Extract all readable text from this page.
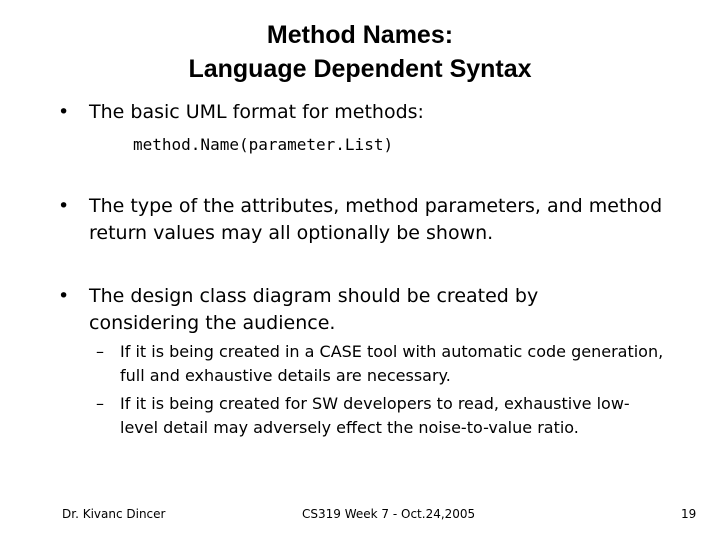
Method Names:
Language Dependent Syntax
• The basic UML format for methods:
method.Name(parameter.List)
• The type of the attributes, method parameters, and method return values may all optionally be shown.
• The design class diagram should be created by considering the audience.
– If it is being created in a CASE tool with automatic code generation, full and exhaustive details are necessary.
– If it is being created for SW developers to read, exhaustive low-level detail may adversely effect the noise-to-value ratio.
Dr. Kivanc Dincer	CS319 Week 7 - Oct.24,2005	19
